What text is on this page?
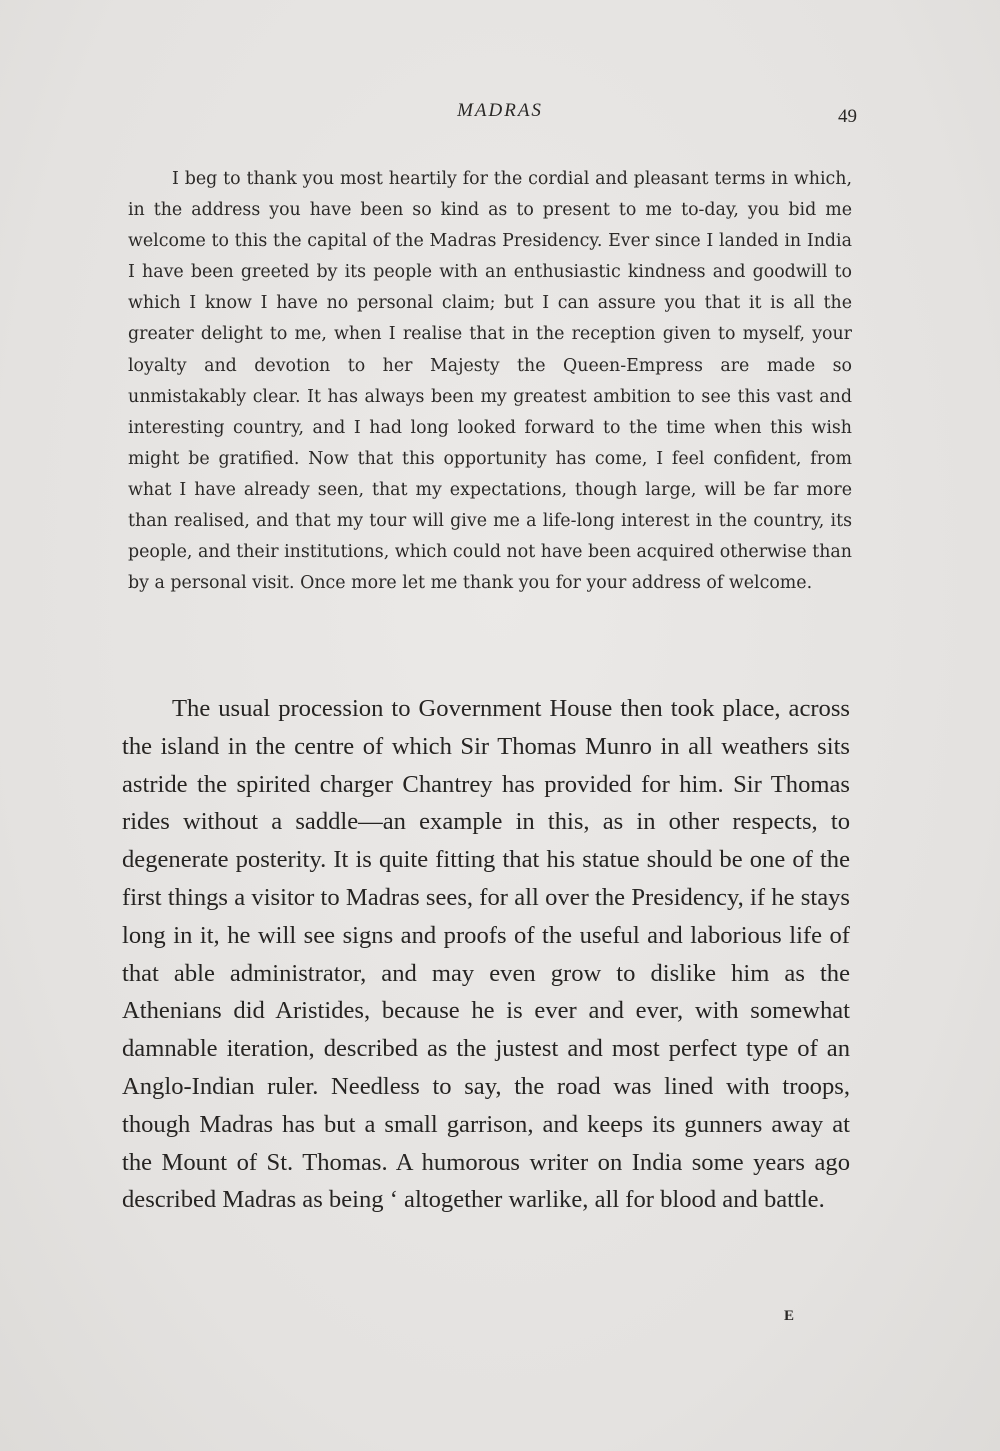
MADRAS	49

I beg to thank you most heartily for the cordial and pleasant terms in which, in the address you have been so kind as to present to me to-day, you bid me welcome to this the capital of the Madras Presidency. Ever since I landed in India I have been greeted by its people with an enthusiastic kindness and goodwill to which I know I have no personal claim; but I can assure you that it is all the greater delight to me, when I realise that in the reception given to myself, your loyalty and devotion to her Majesty the Queen-Empress are made so unmistakably clear. It has always been my greatest ambition to see this vast and interesting country, and I had long looked forward to the time when this wish might be gratified. Now that this opportunity has come, I feel confident, from what I have already seen, that my expectations, though large, will be far more than realised, and that my tour will give me a life-long interest in the country, its people, and their institutions, which could not have been acquired otherwise than by a personal visit. Once more let me thank you for your address of welcome.

The usual procession to Government House then took place, across the island in the centre of which Sir Thomas Munro in all weathers sits astride the spirited charger Chantrey has provided for him. Sir Thomas rides without a saddle—an example in this, as in other respects, to degenerate posterity. It is quite fitting that his statue should be one of the first things a visitor to Madras sees, for all over the Presidency, if he stays long in it, he will see signs and proofs of the useful and laborious life of that able administrator, and may even grow to dislike him as the Athenians did Aristides, because he is ever and ever, with somewhat damnable iteration, described as the justest and most perfect type of an Anglo-Indian ruler. Needless to say, the road was lined with troops, though Madras has but a small garrison, and keeps its gunners away at the Mount of St. Thomas. A humorous writer on India some years ago described Madras as being ‘ altogether warlike, all for blood and battle.

E
